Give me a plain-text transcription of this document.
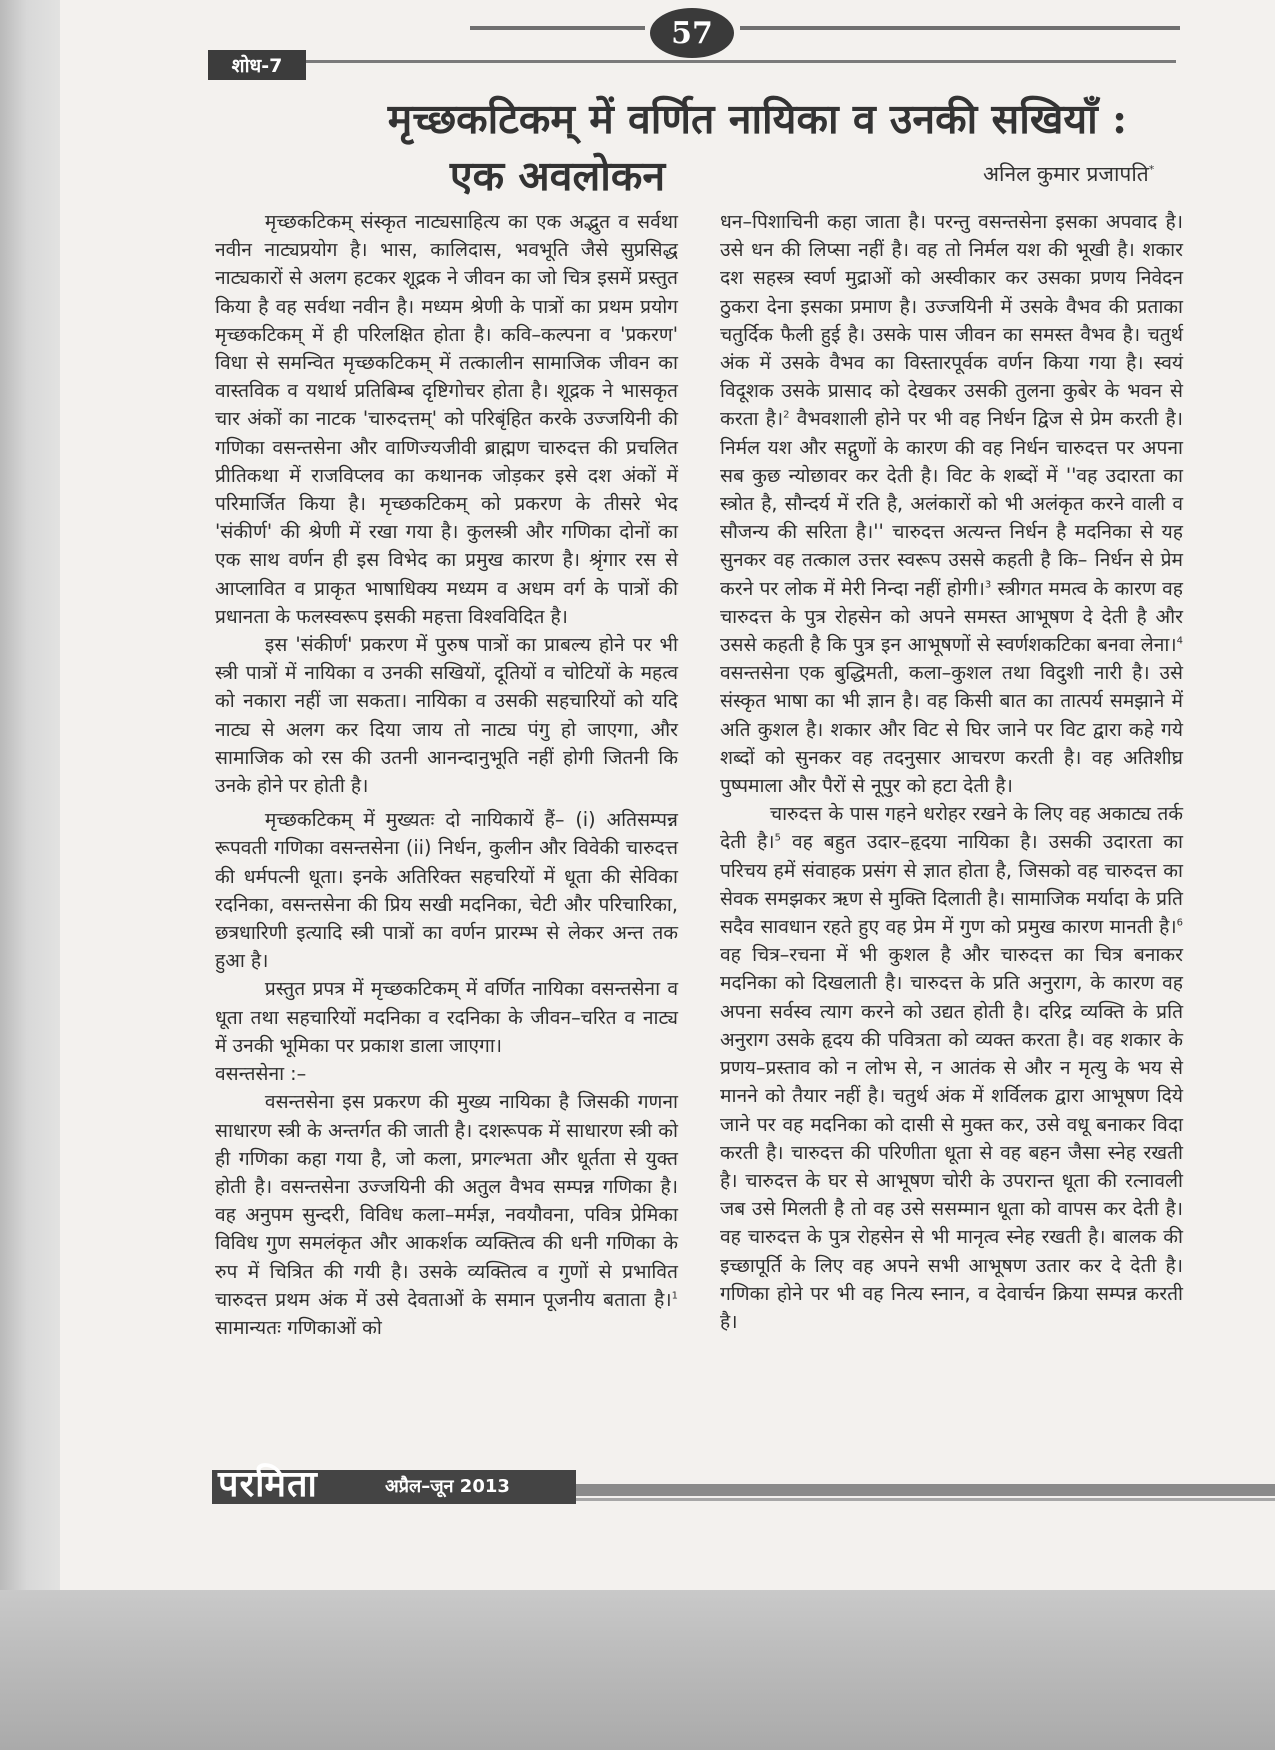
57
शोध-7
मृच्छकटिकम् में वर्णित नायिका व उनकी सखियाँ :
एक अवलोकन	अनिल कुमार प्रजापति*

मृच्छकटिकम् संस्कृत नाट्यसाहित्य का एक अद्भुत व सर्वथा नवीन नाट्यप्रयोग है। भास, कालिदास, भवभूति जैसे सुप्रसिद्ध नाट्यकारों से अलग हटकर शूद्रक ने जीवन का जो चित्र इसमें प्रस्तुत किया है वह सर्वथा नवीन है। मध्यम श्रेणी के पात्रों का प्रथम प्रयोग मृच्छकटिकम् में ही परिलक्षित होता है। कवि–कल्पना व 'प्रकरण' विधा से समन्वित मृच्छकटिकम् में तत्कालीन सामाजिक जीवन का वास्तविक व यथार्थ प्रतिबिम्ब दृष्टिगोचर होता है। शूद्रक ने भासकृत चार अंकों का नाटक 'चारुदत्तम्' को परिबृंहित करके उज्जयिनी की गणिका वसन्तसेना और वाणिज्यजीवी ब्राह्मण चारुदत्त की प्रचलित प्रीतिकथा में राजविप्लव का कथानक जोड़कर इसे दश अंकों में परिमार्जित किया है। मृच्छकटिकम् को प्रकरण के तीसरे भेद 'संकीर्ण' की श्रेणी में रखा गया है। कुलस्त्री और गणिका दोनों का एक साथ वर्णन ही इस विभेद का प्रमुख कारण है। श्रृंगार रस से आप्लावित व प्राकृत भाषाधिक्य मध्यम व अधम वर्ग के पात्रों की प्रधानता के फलस्वरूप इसकी महत्ता विश्वविदित है।

इस 'संकीर्ण' प्रकरण में पुरुष पात्रों का प्राबल्य होने पर भी स्त्री पात्रों में नायिका व उनकी सखियों, दूतियों व चोटियों के महत्व को नकारा नहीं जा सकता। नायिका व उसकी सहचारियों को यदि नाट्य से अलग कर दिया जाय तो नाट्य पंगु हो जाएगा, और सामाजिक को रस की उतनी आनन्दानुभूति नहीं होगी जितनी कि उनके होने पर होती है।

मृच्छकटिकम् में मुख्यतः दो नायिकायें हैं– (i) अतिसम्पन्न रूपवती गणिका वसन्तसेना (ii) निर्धन, कुलीन और विवेकी चारुदत्त की धर्मपत्नी धूता। इनके अतिरिक्त सहचरियों में धूता की सेविका रदनिका, वसन्तसेना की प्रिय सखी मदनिका, चेटी और परिचारिका, छत्रधारिणी इत्यादि स्त्री पात्रों का वर्णन प्रारम्भ से लेकर अन्त तक हुआ है।

प्रस्तुत प्रपत्र में मृच्छकटिकम् में वर्णित नायिका वसन्तसेना व धूता तथा सहचारियों मदनिका व रदनिका के जीवन–चरित व नाट्य में उनकी भूमिका पर प्रकाश डाला जाएगा।

वसन्तसेना :–

वसन्तसेना इस प्रकरण की मुख्य नायिका है जिसकी गणना साधारण स्त्री के अन्तर्गत की जाती है। दशरूपक में साधारण स्त्री को ही गणिका कहा गया है, जो कला, प्रगल्भता और धूर्तता से युक्त होती है। वसन्तसेना उज्जयिनी की अतुल वैभव सम्पन्न गणिका है। वह अनुपम सुन्दरी, विविध कला–मर्मज्ञ, नवयौवना, पवित्र प्रेमिका विविध गुण समलंकृत और आकर्शक व्यक्तित्व की धनी गणिका के रुप में चित्रित की गयी है। उसके व्यक्तित्व व गुणों से प्रभावित चारुदत्त प्रथम अंक में उसे देवताओं के समान पूजनीय बताता है।$^1$ सामान्यतः गणिकाओं को

धन–पिशाचिनी कहा जाता है। परन्तु वसन्तसेना इसका अपवाद है। उसे धन की लिप्सा नहीं है। वह तो निर्मल यश की भूखी है। शकार दश सहस्त्र स्वर्ण मुद्राओं को अस्वीकार कर उसका प्रणय निवेदन ठुकरा देना इसका प्रमाण है। उज्जयिनी में उसके वैभव की प्रताका चतुर्दिक फैली हुई है। उसके पास जीवन का समस्त वैभव है। चतुर्थ अंक में उसके वैभव का विस्तारपूर्वक वर्णन किया गया है। स्वयं विदूशक उसके प्रासाद को देखकर उसकी तुलना कुबेर के भवन से करता है।$^2$ वैभवशाली होने पर भी वह निर्धन द्विज से प्रेम करती है। निर्मल यश और सद्गुणों के कारण की वह निर्धन चारुदत्त पर अपना सब कुछ न्योछावर कर देती है। विट के शब्दों में ''वह उदारता का स्त्रोत है, सौन्दर्य में रति है, अलंकारों को भी अलंकृत करने वाली व सौजन्य की सरिता है।'' चारुदत्त अत्यन्त निर्धन है मदनिका से यह सुनकर वह तत्काल उत्तर स्वरूप उससे कहती है कि– निर्धन से प्रेम करने पर लोक में मेरी निन्दा नहीं होगी।$^3$ स्त्रीगत ममत्व के कारण वह चारुदत्त के पुत्र रोहसेन को अपने समस्त आभूषण दे देती है और उससे कहती है कि पुत्र इन आभूषणों से स्वर्णशकटिका बनवा लेना।$^4$ वसन्तसेना एक बुद्धिमती, कला–कुशल तथा विदुशी नारी है। उसे संस्कृत भाषा का भी ज्ञान है। वह किसी बात का तात्पर्य समझाने में अति कुशल है। शकार और विट से घिर जाने पर विट द्वारा कहे गये शब्दों को सुनकर वह तदनुसार आचरण करती है। वह अतिशीघ्र पुष्पमाला और पैरों से नूपुर को हटा देती है।

चारुदत्त के पास गहने धरोहर रखने के लिए वह अकाट्य तर्क देती है।$^5$ वह बहुत उदार–हृदया नायिका है। उसकी उदारता का परिचय हमें संवाहक प्रसंग से ज्ञात होता है, जिसको वह चारुदत्त का सेवक समझकर ऋण से मुक्ति दिलाती है। सामाजिक मर्यादा के प्रति सदैव सावधान रहते हुए वह प्रेम में गुण को प्रमुख कारण मानती है।$^6$ वह चित्र–रचना में भी कुशल है और चारुदत्त का चित्र बनाकर मदनिका को दिखलाती है। चारुदत्त के प्रति अनुराग, के कारण वह अपना सर्वस्व त्याग करने को उद्यत होती है। दरिद्र व्यक्ति के प्रति अनुराग उसके हृदय की पवित्रता को व्यक्त करता है। वह शकार के प्रणय–प्रस्ताव को न लोभ से, न आतंक से और न मृत्यु के भय से मानने को तैयार नहीं है। चतुर्थ अंक में शर्विलक द्वारा आभूषण दिये जाने पर वह मदनिका को दासी से मुक्त कर, उसे वधू बनाकर विदा करती है। चारुदत्त की परिणीता धूता से वह बहन जैसा स्नेह रखती है। चारुदत्त के घर से आभूषण चोरी के उपरान्त धूता की रत्नावली जब उसे मिलती है तो वह उसे ससम्मान धूता को वापस कर देती है। वह चारुदत्त के पुत्र रोहसेन से भी मानृत्व स्नेह रखती है। बालक की इच्छापूर्ति के लिए वह अपने सभी आभूषण उतार कर दे देती है। गणिका होने पर भी वह नित्य स्नान, व देवार्चन क्रिया सम्पन्न करती है।

परमिता	अप्रैल–जून 2013
